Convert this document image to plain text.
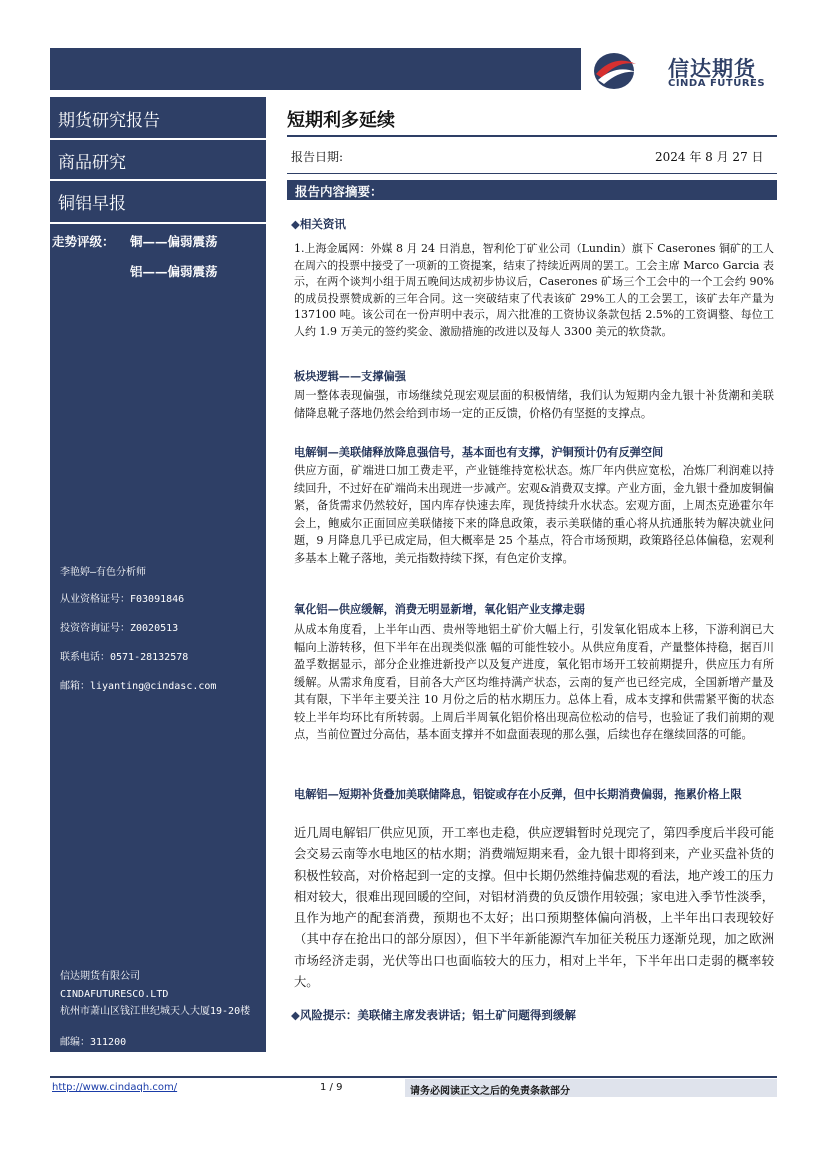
信达期货
CINDA FUTURES
期货研究报告
商品研究
铜铝早报
走势评级： 铜——偏弱震荡
铝——偏弱震荡
李艳婷—有色分析师
从业资格证号：F03091846
投资咨询证号：Z0020513
联系电话：0571-28132578
邮箱：liyanting@cindasc.com
信达期货有限公司
CINDAFUTURESCO.LTD
杭州市萧山区钱江世纪城天人大厦19-20楼
邮编：311200
短期利多延续
报告日期:	2024 年 8 月 27 日
报告内容摘要：
◆相关资讯
1.上海金属网：外媒 8 月 24 日消息，智利伦丁矿业公司（Lundin）旗下 Caserones 铜矿的工人在周六的投票中接受了一项新的工资提案，结束了持续近两周的罢工。工会主席 Marco Garcia 表示，在两个谈判小组于周五晚间达成初步协议后，Caserones 矿场三个工会中的一个工会约 90%的成员投票赞成新的三年合同。这一突破结束了代表该矿 29%工人的工会罢工，该矿去年产量为 137100 吨。该公司在一份声明中表示，周六批准的工资协议条款包括 2.5%的工资调整、每位工人约 1.9 万美元的签约奖金、激励措施的改进以及每人 3300 美元的软贷款。
板块逻辑——支撑偏强
周一整体表现偏强，市场继续兑现宏观层面的积极情绪，我们认为短期内金九银十补货潮和美联储降息靴子落地仍然会给到市场一定的正反馈，价格仍有坚挺的支撑点。
电解铜—美联储释放降息强信号，基本面也有支撑，沪铜预计仍有反弹空间
供应方面，矿端进口加工费走平，产业链维持宽松状态。炼厂年内供应宽松，冶炼厂利润难以持续回升，不过好在矿端尚未出现进一步减产。宏观&消费双支撑。产业方面，金九银十叠加废铜偏紧，备货需求仍然较好，国内库存快速去库，现货持续升水状态。宏观方面，上周杰克逊霍尔年会上，鲍威尔正面回应美联储接下来的降息政策，表示美联储的重心将从抗通胀转为解决就业问题，9 月降息几乎已成定局，但大概率是 25 个基点，符合市场预期，政策路径总体偏稳，宏观利多基本上靴子落地，美元指数持续下探，有色定价支撑。
氧化铝—供应缓解，消费无明显新增，氧化铝产业支撑走弱
从成本角度看，上半年山西、贵州等地铝土矿价大幅上行，引发氧化铝成本上移，下游利润已大幅向上游转移，但下半年在出现类似涨 幅的可能性较小。从供应角度看，产量整体持稳，据百川盈孚数据显示，部分企业推进新投产以及复产进度，氧化铝市场开工较前期提升，供应压力有所缓解。从需求角度看，目前各大产区均维持满产状态，云南的复产也已经完成，全国新增产量及其有限，下半年主要关注 10 月份之后的枯水期压力。总体上看，成本支撑和供需紧平衡的状态较上半年均环比有所转弱。上周后半周氧化铝价格出现高位松动的信号，也验证了我们前期的观点，当前位置过分高估，基本面支撑并不如盘面表现的那么强，后续也存在继续回落的可能。
电解铝—短期补货叠加美联储降息，铝锭或存在小反弹，但中长期消费偏弱，拖累价格上限
近几周电解铝厂供应见顶，开工率也走稳，供应逻辑暂时兑现完了，第四季度后半段可能会交易云南等水电地区的枯水期；消费端短期来看，金九银十即将到来，产业买盘补货的积极性较高，对价格起到一定的支撑。但中长期仍然维持偏悲观的看法，地产竣工的压力相对较大，很难出现回暖的空间，对铝材消费的负反馈作用较强；家电进入季节性淡季，且作为地产的配套消费，预期也不太好；出口预期整体偏向消极，上半年出口表现较好（其中存在抢出口的部分原因），但下半年新能源汽车加征关税压力逐渐兑现，加之欧洲市场经济走弱，光伏等出口也面临较大的压力，相对上半年，下半年出口走弱的概率较大。
◆风险提示：美联储主席发表讲话；铝土矿问题得到缓解
http://www.cindaqh.com/	1 / 9	请务必阅读正文之后的免责条款部分
